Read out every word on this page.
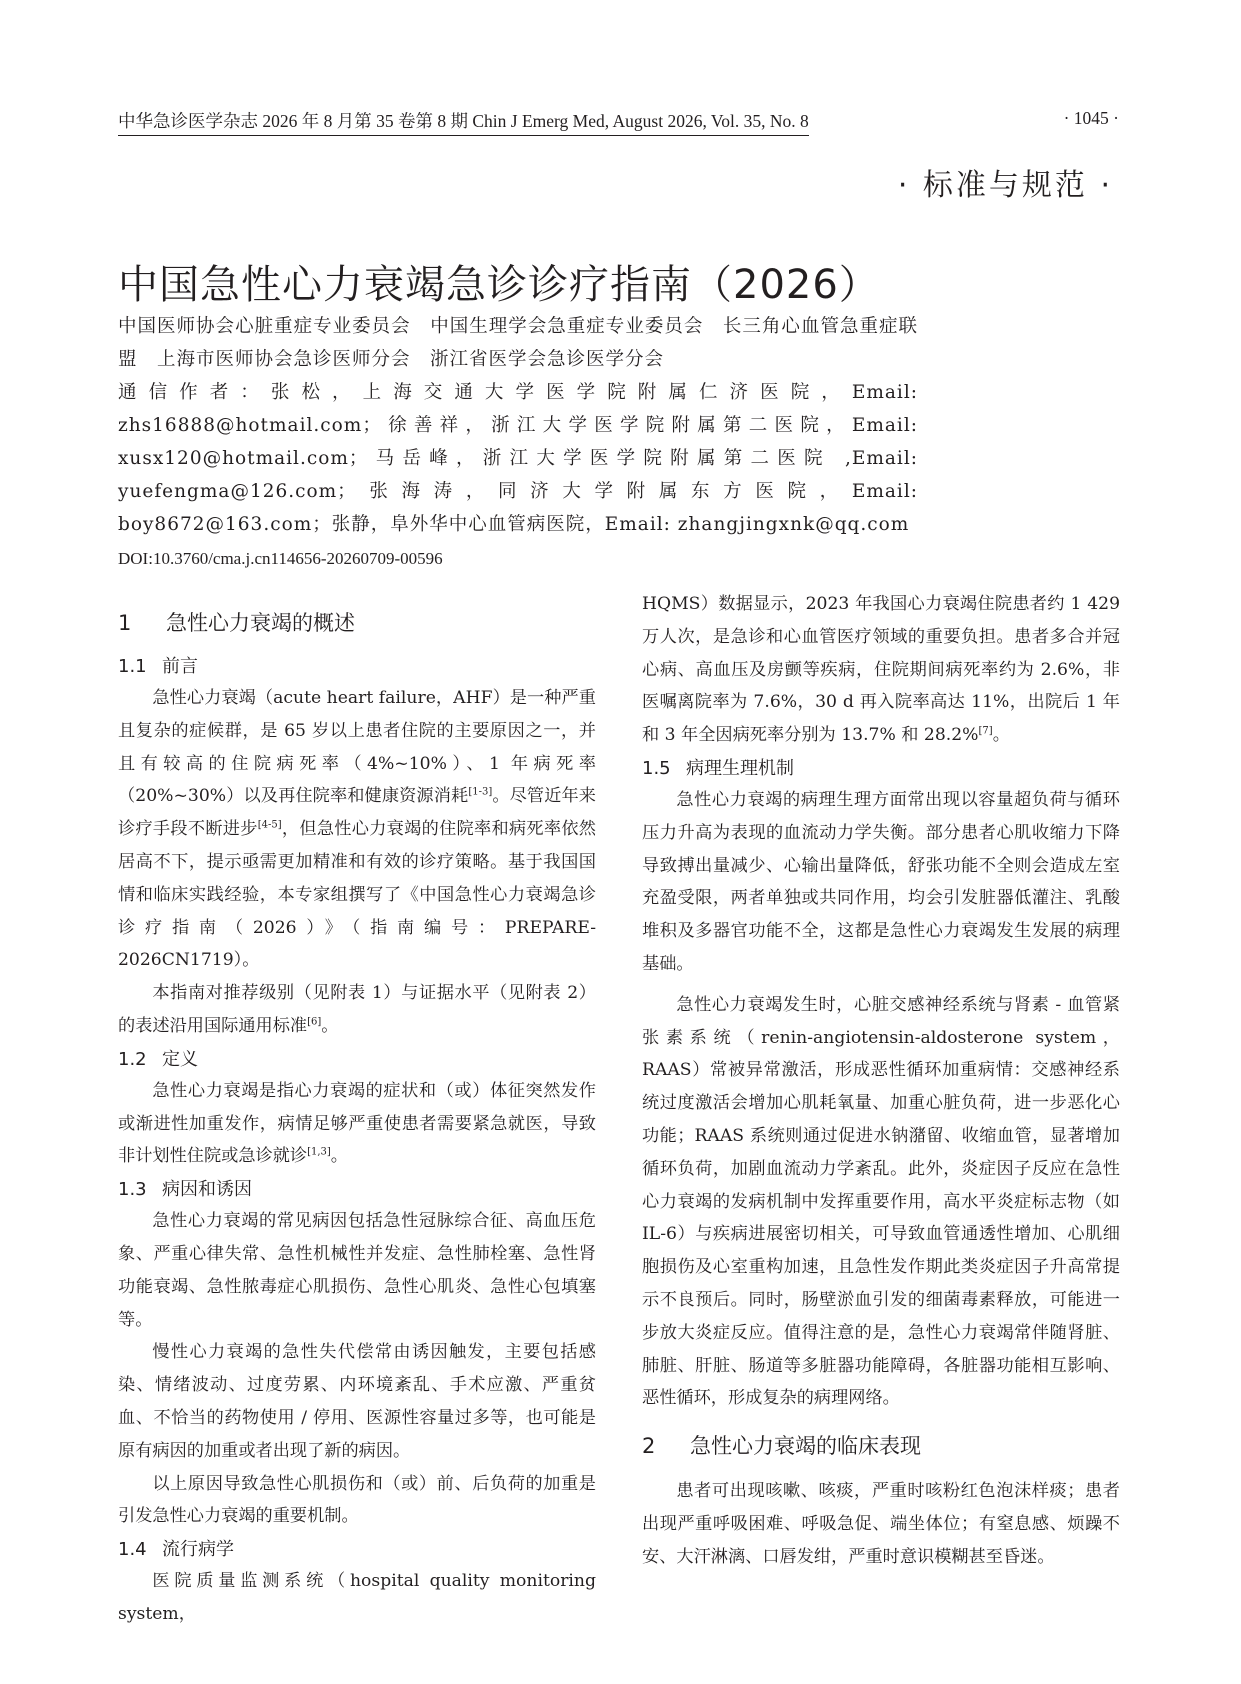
中华急诊医学杂志 2026 年 8 月第 35 卷第 8 期 Chin J Emerg Med, August 2026, Vol. 35, No. 8	· 1045 ·
· 标准与规范 ·
中国急性心力衰竭急诊诊疗指南（2026）

中国医师协会心脏重症专业委员会　中国生理学会急重症专业委员会　长三角心血管急重症联盟　上海市医师协会急诊医师分会　浙江省医学会急诊医学分会

通信作者：张松，上海交通大学医学院附属仁济医院，Email: zhs16888@hotmail.com；徐善祥，浙江大学医学院附属第二医院，Email: xusx120@hotmail.com；马岳峰，浙江大学医学院附属第二医院 ,Email: yuefengma@126.com；张海涛，同济大学附属东方医院，Email: boy8672@163.com；张静，阜外华中心血管病医院，Email: zhangjingxnk@qq.com

DOI:10.3760/cma.j.cn114656-20260709-00596
1 急性心力衰竭的概述
1.1 前言

急性心力衰竭（acute heart failure，AHF）是一种严重且复杂的症候群，是 65 岁以上患者住院的主要原因之一，并且有较高的住院病死率（4%~10%）、1 年病死率（20%~30%）以及再住院率和健康资源消耗[1-3]。尽管近年来诊疗手段不断进步[4-5]，但急性心力衰竭的住院率和病死率依然居高不下，提示亟需更加精准和有效的诊疗策略。基于我国国情和临床实践经验，本专家组撰写了《中国急性心力衰竭急诊诊疗指南（2026）》（指南编号：PREPARE-2026CN1719）。

本指南对推荐级别（见附表 1）与证据水平（见附表 2）的表述沿用国际通用标准[6]。

1.2 定义

急性心力衰竭是指心力衰竭的症状和（或）体征突然发作或渐进性加重发作，病情足够严重使患者需要紧急就医，导致非计划性住院或急诊就诊[1,3]。

1.3 病因和诱因

急性心力衰竭的常见病因包括急性冠脉综合征、高血压危象、严重心律失常、急性机械性并发症、急性肺栓塞、急性肾功能衰竭、急性脓毒症心肌损伤、急性心肌炎、急性心包填塞等。

慢性心力衰竭的急性失代偿常由诱因触发，主要包括感染、情绪波动、过度劳累、内环境紊乱、手术应激、严重贫血、不恰当的药物使用 / 停用、医源性容量过多等，也可能是原有病因的加重或者出现了新的病因。

以上原因导致急性心肌损伤和（或）前、后负荷的加重是引发急性心力衰竭的重要机制。

1.4 流行病学

医院质量监测系统（hospital quality monitoring system，

HQMS）数据显示，2023 年我国心力衰竭住院患者约 1 429 万人次，是急诊和心血管医疗领域的重要负担。患者多合并冠心病、高血压及房颤等疾病，住院期间病死率约为 2.6%，非医嘱离院率为 7.6%，30 d 再入院率高达 11%，出院后 1 年和 3 年全因病死率分别为 13.7% 和 28.2%[7]。

1.5 病理生理机制

急性心力衰竭的病理生理方面常出现以容量超负荷与循环压力升高为表现的血流动力学失衡。部分患者心肌收缩力下降导致搏出量减少、心输出量降低，舒张功能不全则会造成左室充盈受限，两者单独或共同作用，均会引发脏器低灌注、乳酸堆积及多器官功能不全，这都是急性心力衰竭发生发展的病理基础。

急性心力衰竭发生时，心脏交感神经系统与肾素 - 血管紧张素系统（renin-angiotensin-aldosterone system，RAAS）常被异常激活，形成恶性循环加重病情：交感神经系统过度激活会增加心肌耗氧量、加重心脏负荷，进一步恶化心功能；RAAS 系统则通过促进水钠潴留、收缩血管，显著增加循环负荷，加剧血流动力学紊乱。此外，炎症因子反应在急性心力衰竭的发病机制中发挥重要作用，高水平炎症标志物（如 IL-6）与疾病进展密切相关，可导致血管通透性增加、心肌细胞损伤及心室重构加速，且急性发作期此类炎症因子升高常提示不良预后。同时，肠壁淤血引发的细菌毒素释放，可能进一步放大炎症反应。值得注意的是，急性心力衰竭常伴随肾脏、肺脏、肝脏、肠道等多脏器功能障碍，各脏器功能相互影响、恶性循环，形成复杂的病理网络。

2 急性心力衰竭的临床表现

患者可出现咳嗽、咳痰，严重时咳粉红色泡沫样痰；患者出现严重呼吸困难、呼吸急促、端坐体位；有窒息感、烦躁不安、大汗淋漓、口唇发绀，严重时意识模糊甚至昏迷。
